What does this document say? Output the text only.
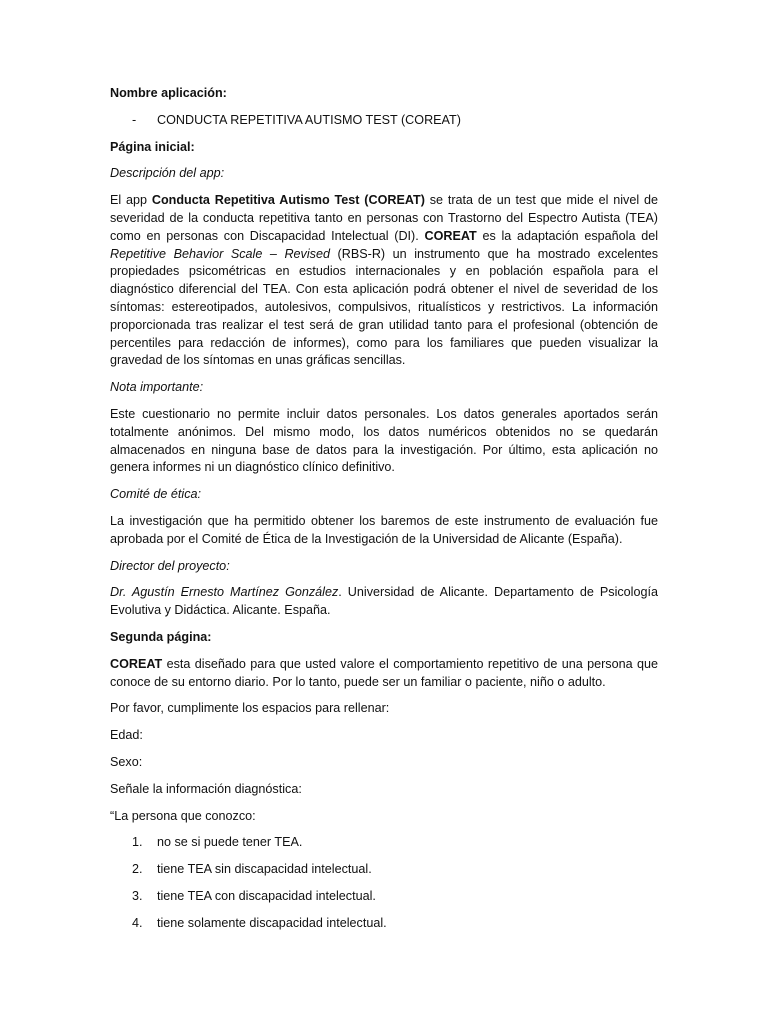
Nombre aplicación:

- CONDUCTA REPETITIVA AUTISMO TEST (COREAT)

Página inicial:

Descripción del app:

El app Conducta Repetitiva Autismo Test (COREAT) se trata de un test que mide el nivel de severidad de la conducta repetitiva tanto en personas con Trastorno del Espectro Autista (TEA) como en personas con Discapacidad Intelectual (DI). COREAT es la adaptación española del Repetitive Behavior Scale – Revised (RBS-R) un instrumento que ha mostrado excelentes propiedades psicométricas en estudios internacionales y en población española para el diagnóstico diferencial del TEA. Con esta aplicación podrá obtener el nivel de severidad de los síntomas: estereotipados, autolesivos, compulsivos, ritualísticos y restrictivos. La información proporcionada tras realizar el test será de gran utilidad tanto para el profesional (obtención de percentiles para redacción de informes), como para los familiares que pueden visualizar la gravedad de los síntomas en unas gráficas sencillas.

Nota importante:

Este cuestionario no permite incluir datos personales. Los datos generales aportados serán totalmente anónimos. Del mismo modo, los datos numéricos obtenidos no se quedarán almacenados en ninguna base de datos para la investigación. Por último, esta aplicación no genera informes ni un diagnóstico clínico definitivo.

Comité de ética:

La investigación que ha permitido obtener los baremos de este instrumento de evaluación fue aprobada por el Comité de Ética de la Investigación de la Universidad de Alicante (España).

Director del proyecto:

Dr. Agustín Ernesto Martínez González. Universidad de Alicante. Departamento de Psicología Evolutiva y Didáctica. Alicante. España.

Segunda página:

COREAT esta diseñado para que usted valore el comportamiento repetitivo de una persona que conoce de su entorno diario. Por lo tanto, puede ser un familiar o paciente, niño o adulto.

Por favor, cumplimente los espacios para rellenar:

Edad:

Sexo:

Señale la información diagnóstica:

“La persona que conozco:

1. no se si puede tener TEA.
2. tiene TEA sin discapacidad intelectual.
3. tiene TEA con discapacidad intelectual.
4. tiene solamente discapacidad intelectual.
